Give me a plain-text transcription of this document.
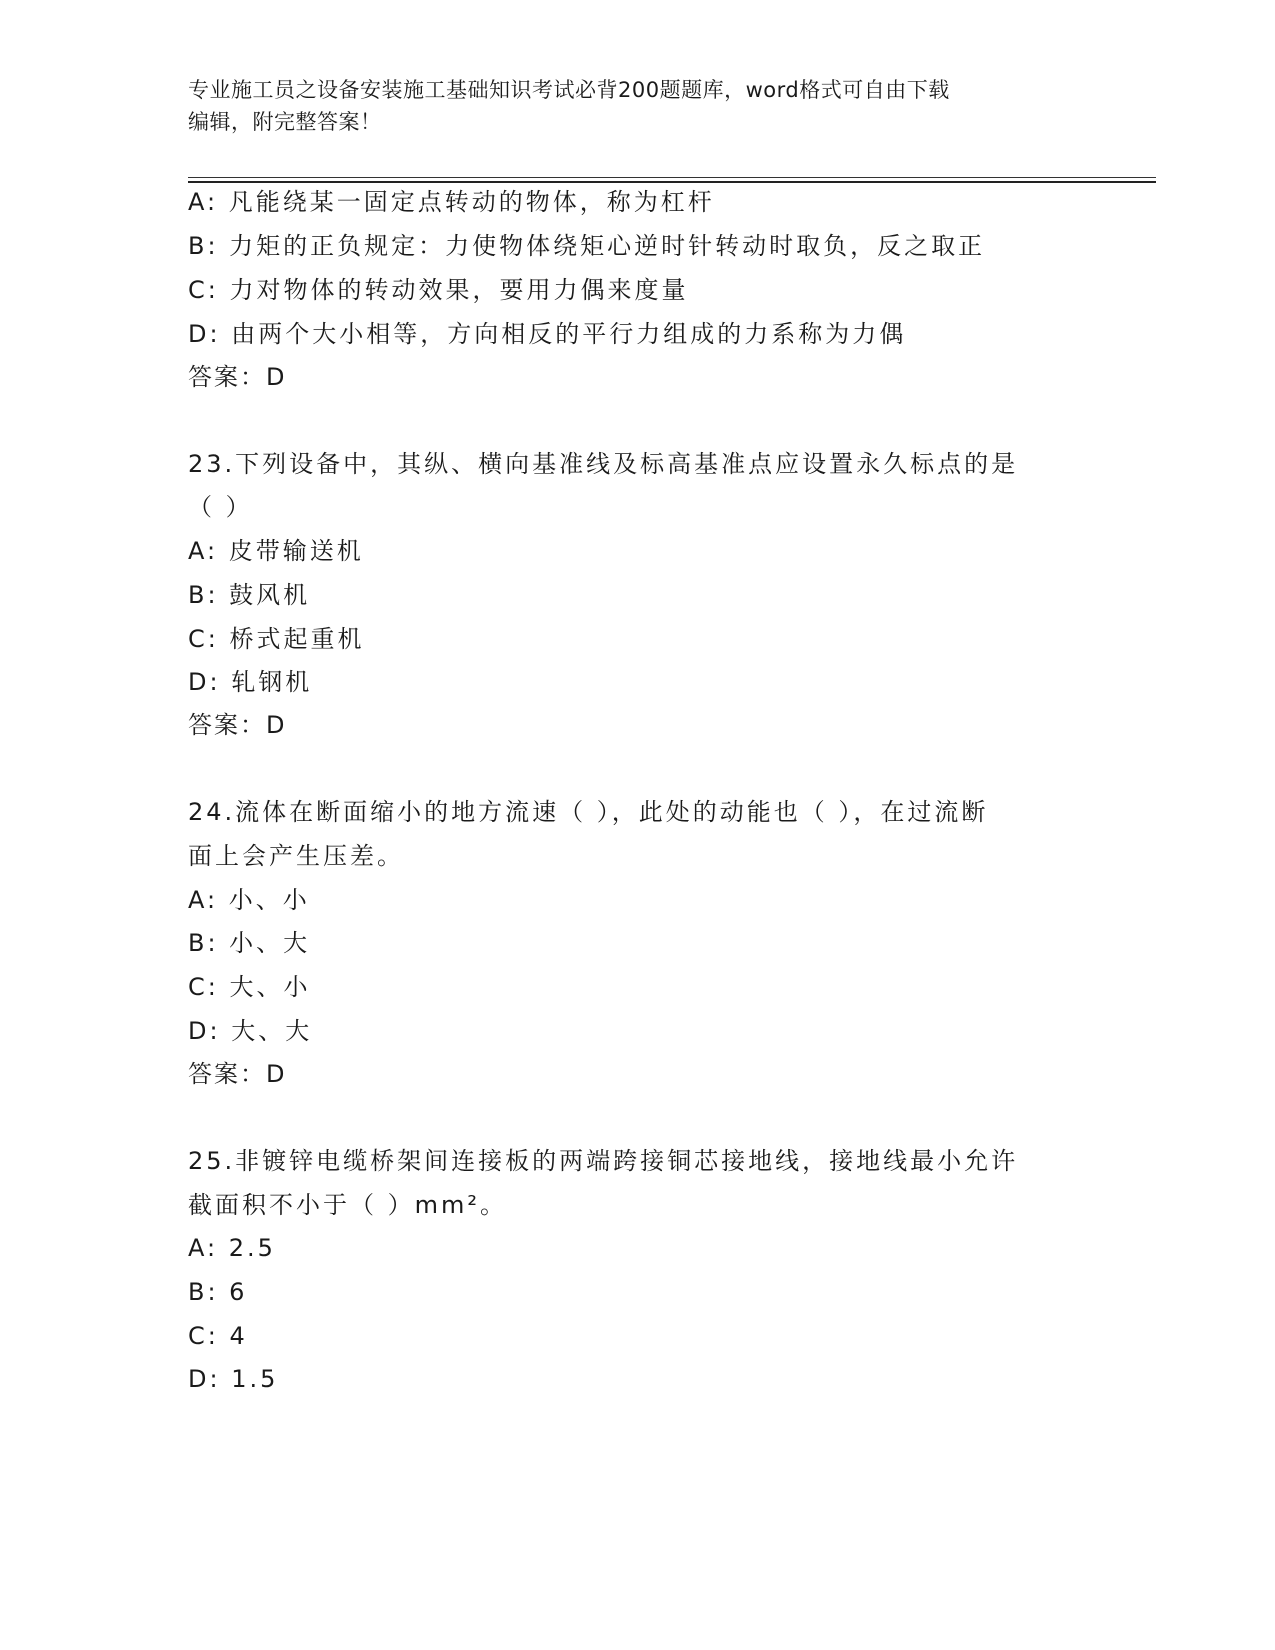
专业施工员之设备安装施工基础知识考试必背200题题库，word格式可自由下载
编辑，附完整答案！
A: 凡能绕某一固定点转动的物体，称为杠杆
B: 力矩的正负规定：力使物体绕矩心逆时针转动时取负，反之取正
C: 力对物体的转动效果，要用力偶来度量
D: 由两个大小相等，方向相反的平行力组成的力系称为力偶
答案：D
23.下列设备中，其纵、横向基准线及标高基准点应设置永久标点的是
（ ）
A: 皮带输送机
B: 鼓风机
C: 桥式起重机
D: 轧钢机
答案：D
24.流体在断面缩小的地方流速（ ），此处的动能也（ ），在过流断
面上会产生压差。
A: 小、小
B: 小、大
C: 大、小
D: 大、大
答案：D
25.非镀锌电缆桥架间连接板的两端跨接铜芯接地线，接地线最小允许
截面积不小于（ ）mm²。
A: 2.5
B: 6
C: 4
D: 1.5
